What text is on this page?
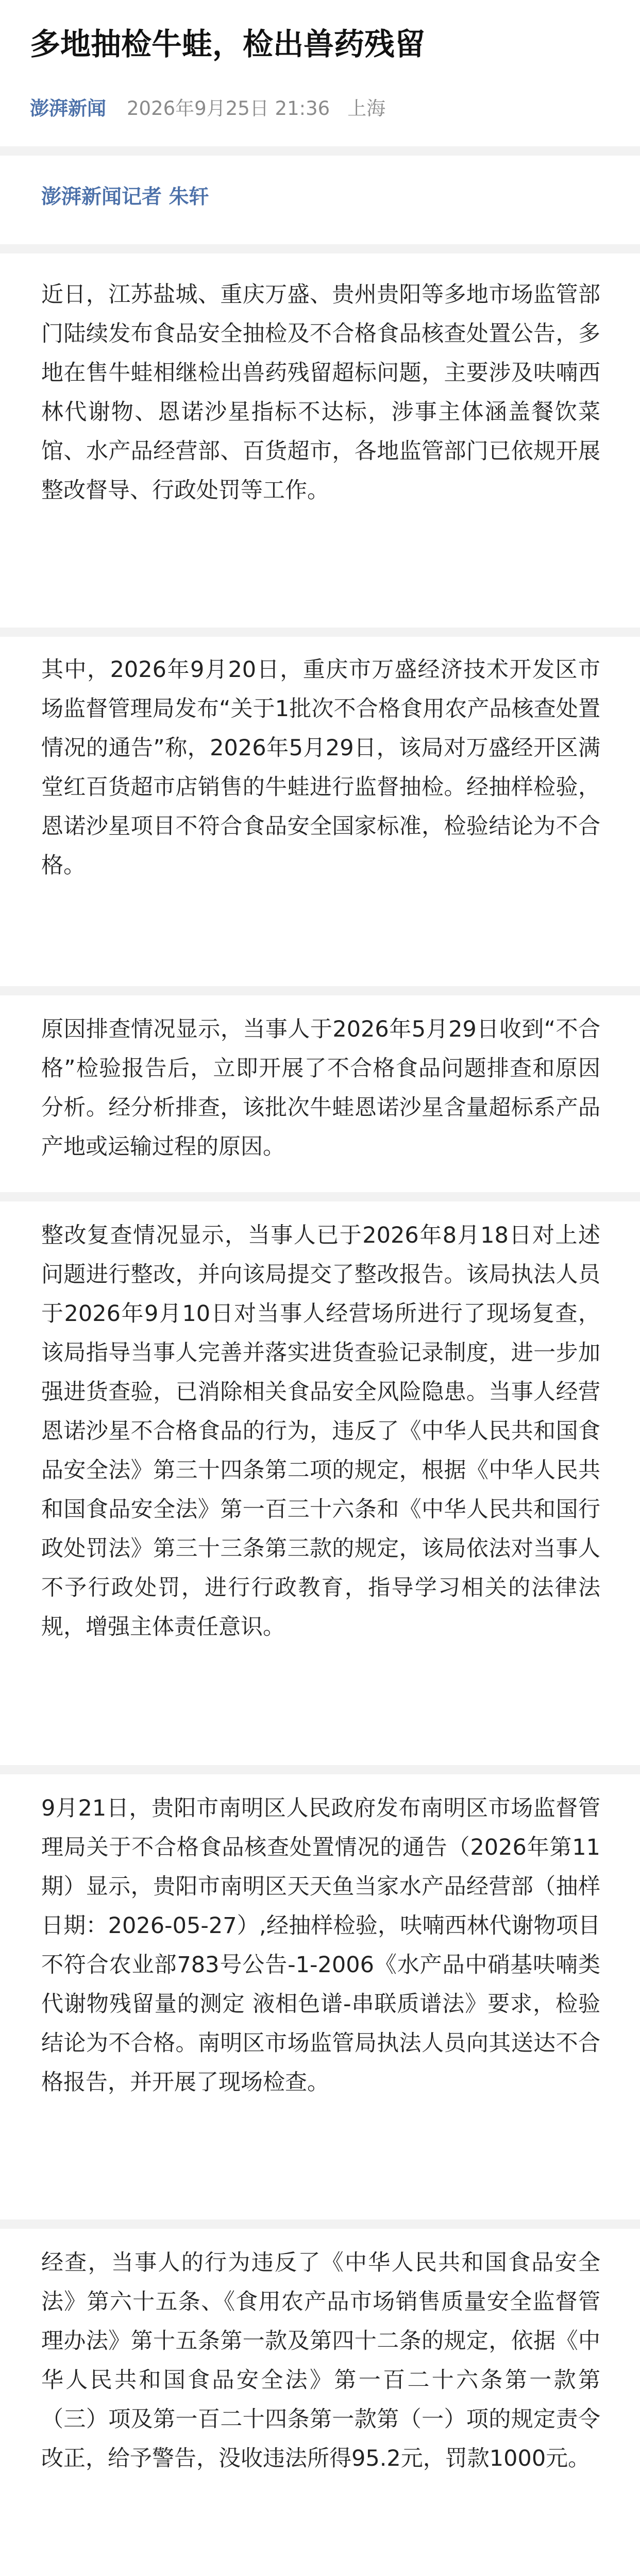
多地抽检牛蛙，检出兽药残留
澎湃新闻 2026年9月25日 21:36 上海
澎湃新闻记者 朱轩

近日，江苏盐城、重庆万盛、贵州贵阳等多地市场监管部门陆续发布食品安全抽检及不合格食品核查处置公告，多地在售牛蛙相继检出兽药残留超标问题，主要涉及呋喃西林代谢物、恩诺沙星指标不达标，涉事主体涵盖餐饮菜馆、水产品经营部、百货超市，各地监管部门已依规开展整改督导、行政处罚等工作。

其中，2026年9月20日，重庆市万盛经济技术开发区市场监督管理局发布“关于1批次不合格食用农产品核查处置情况的通告”称，2026年5月29日，该局对万盛经开区满堂红百货超市店销售的牛蛙进行监督抽检。经抽样检验，恩诺沙星项目不符合食品安全国家标准，检验结论为不合格。

原因排查情况显示，当事人于2026年5月29日收到“不合格”检验报告后，立即开展了不合格食品问题排查和原因分析。经分析排查，该批次牛蛙恩诺沙星含量超标系产品产地或运输过程的原因。

整改复查情况显示，当事人已于2026年8月18日对上述问题进行整改，并向该局提交了整改报告。该局执法人员于2026年9月10日对当事人经营场所进行了现场复查，该局指导当事人完善并落实进货查验记录制度，进一步加强进货查验，已消除相关食品安全风险隐患。当事人经营恩诺沙星不合格食品的行为，违反了《中华人民共和国食品安全法》第三十四条第二项的规定，根据《中华人民共和国食品安全法》第一百三十六条和《中华人民共和国行政处罚法》第三十三条第三款的规定，该局依法对当事人不予行政处罚，进行行政教育，指导学习相关的法律法规，增强主体责任意识。

9月21日，贵阳市南明区人民政府发布南明区市场监督管理局关于不合格食品核查处置情况的通告（2026年第11期）显示，贵阳市南明区天天鱼当家水产品经营部（抽样日期：2026-05-27）,经抽样检验，呋喃西林代谢物项目不符合农业部783号公告-1-2006《水产品中硝基呋喃类代谢物残留量的测定 液相色谱-串联质谱法》要求，检验结论为不合格。南明区市场监管局执法人员向其送达不合格报告，并开展了现场检查。

经查，当事人的行为违反了《中华人民共和国食品安全法》第六十五条、《食用农产品市场销售质量安全监督管理办法》第十五条第一款及第四十二条的规定，依据《中华人民共和国食品安全法》第一百二十六条第一款第（三）项及第一百二十四条第一款第（一）项的规定责令改正，给予警告，没收违法所得95.2元，罚款1000元。
